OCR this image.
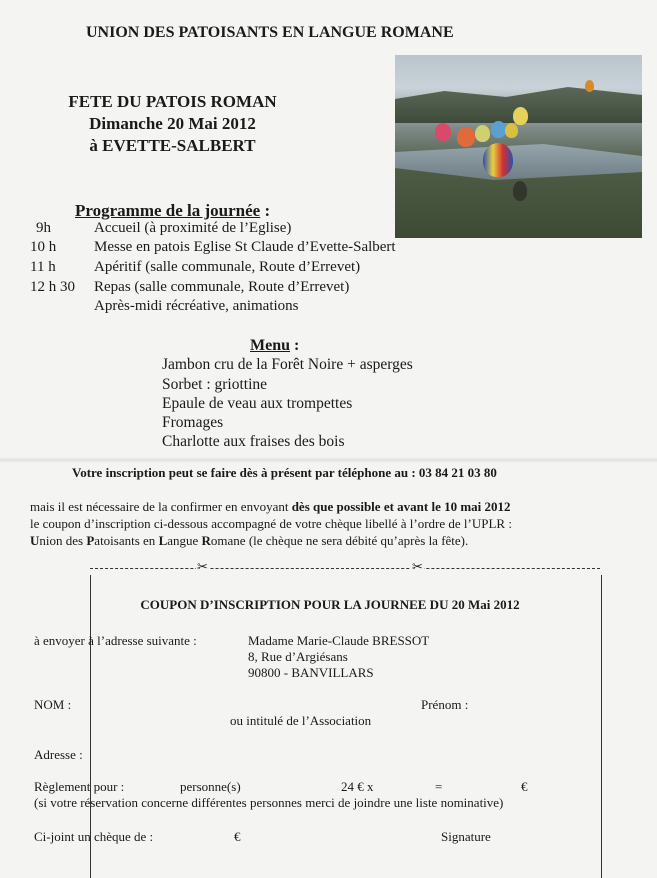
UNION DES PATOISANTS EN LANGUE ROMANE
FETE DU PATOIS ROMAN
Dimanche 20 Mai 2012
à EVETTE-SALBERT
Programme de la journée :
9h	Accueil (à proximité de l’Eglise)
10 h	Messe en patois Eglise St Claude d’Evette-Salbert
11 h	Apéritif (salle communale, Route d’Errevet)
12 h 30 Repas (salle communale, Route d’Errevet)
Après-midi récréative, animations
Menu :
Jambon cru de la Forêt Noire + asperges
Sorbet : griottine
Epaule de veau aux trompettes
Fromages
Charlotte aux fraises des bois
Votre inscription peut se faire dès à présent par téléphone au : 03 84 21 03 80
mais il est nécessaire de la confirmer en envoyant dès que possible et avant le 10 mai 2012
le coupon d’inscription ci-dessous accompagné de votre chèque libellé à l’ordre de l’UPLR :
Union des Patoisants en Langue Romane (le chèque ne sera débité qu’après la fête).
✂	✂
COUPON D’INSCRIPTION POUR LA JOURNEE DU 20 Mai 2012
à envoyer à l’adresse suivante :	Madame Marie-Claude BRESSOT
8, Rue d’Argiésans
90800 - BANVILLARS
NOM :	Prénom :
ou intitulé de l’Association
Adresse :
Règlement pour :	personne(s)	24 € x	=	€
(si votre réservation concerne différentes personnes merci de joindre une liste nominative)
Ci-joint un chèque de :	€	Signature
